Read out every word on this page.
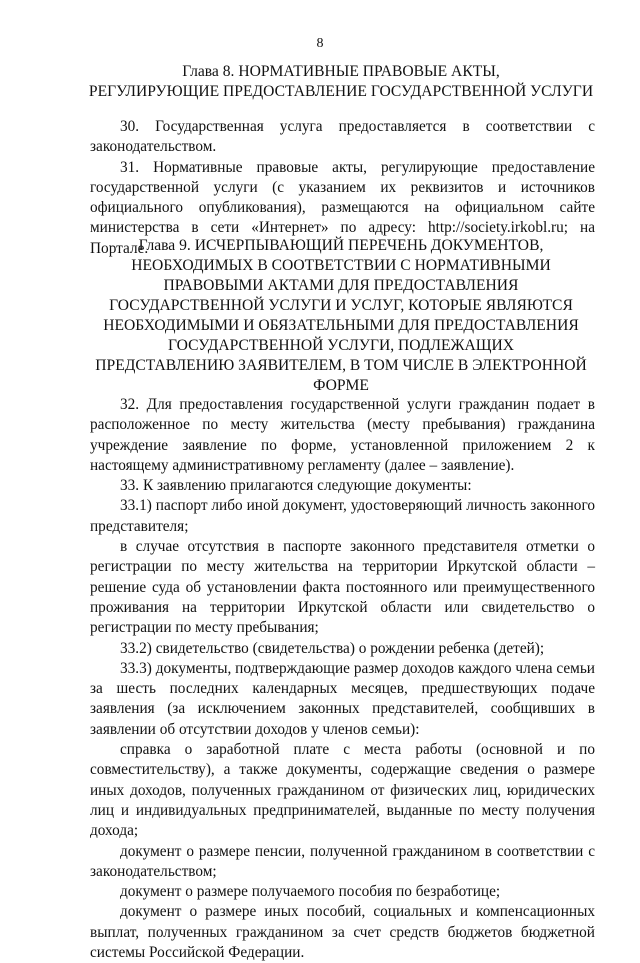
8
Глава 8. НОРМАТИВНЫЕ ПРАВОВЫЕ АКТЫ,
РЕГУЛИРУЮЩИЕ ПРЕДОСТАВЛЕНИЕ ГОСУДАРСТВЕННОЙ УСЛУГИ

30. Государственная услуга предоставляется в соответствии с законодательством.

31. Нормативные правовые акты, регулирующие предоставление государственной услуги (с указанием их реквизитов и источников официального опубликования), размещаются на официальном сайте министерства в сети «Интернет» по адресу: http://society.irkobl.ru; на Портале.

Глава 9. ИСЧЕРПЫВАЮЩИЙ ПЕРЕЧЕНЬ ДОКУМЕНТОВ,
НЕОБХОДИМЫХ В СООТВЕТСТВИИ С НОРМАТИВНЫМИ
ПРАВОВЫМИ АКТАМИ ДЛЯ ПРЕДОСТАВЛЕНИЯ
ГОСУДАРСТВЕННОЙ УСЛУГИ И УСЛУГ, КОТОРЫЕ ЯВЛЯЮТСЯ
НЕОБХОДИМЫМИ И ОБЯЗАТЕЛЬНЫМИ ДЛЯ ПРЕДОСТАВЛЕНИЯ
ГОСУДАРСТВЕННОЙ УСЛУГИ, ПОДЛЕЖАЩИХ
ПРЕДСТАВЛЕНИЮ ЗАЯВИТЕЛЕМ, В ТОМ ЧИСЛЕ В ЭЛЕКТРОННОЙ
ФОРМЕ

32. Для предоставления государственной услуги гражданин подает в расположенное по месту жительства (месту пребывания) гражданина учреждение заявление по форме, установленной приложением 2 к настоящему административному регламенту (далее – заявление).

33. К заявлению прилагаются следующие документы:

33.1) паспорт либо иной документ, удостоверяющий личность законного представителя;

в случае отсутствия в паспорте законного представителя отметки о регистрации по месту жительства на территории Иркутской области – решение суда об установлении факта постоянного или преимущественного проживания на территории Иркутской области или свидетельство о регистрации по месту пребывания;

33.2) свидетельство (свидетельства) о рождении ребенка (детей);

33.3) документы, подтверждающие размер доходов каждого члена семьи за шесть последних календарных месяцев, предшествующих подаче заявления (за исключением законных представителей, сообщивших в заявлении об отсутствии доходов у членов семьи):

справка о заработной плате с места работы (основной и по совместительству), а также документы, содержащие сведения о размере иных доходов, полученных гражданином от физических лиц, юридических лиц и индивидуальных предпринимателей, выданные по месту получения дохода;

документ о размере пенсии, полученной гражданином в соответствии с законодательством;

документ о размере получаемого пособия по безработице;

документ о размере иных пособий, социальных и компенсационных выплат, полученных гражданином за счет средств бюджетов бюджетной системы Российской Федерации.
